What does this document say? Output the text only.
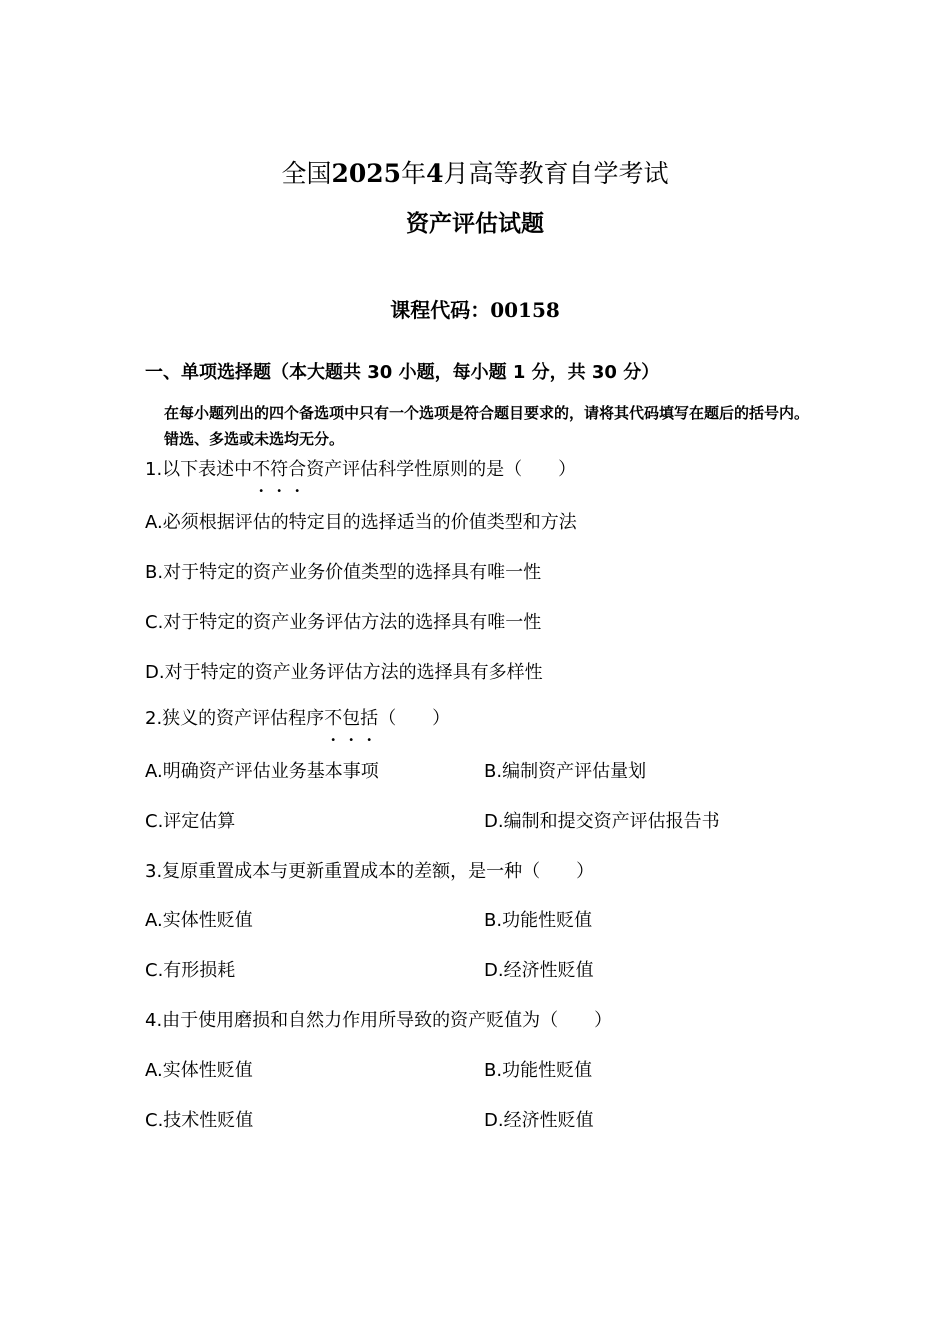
全国2025年4月高等教育自学考试
资产评估试题
课程代码：00158
一、单项选择题（本大题共 30 小题，每小题 1 分，共 30 分）
在每小题列出的四个备选项中只有一个选项是符合题目要求的，请将其代码填写在题后的括号内。错选、多选或未选均无分。
1.以下表述中不符合
• • •
资产评估科学性原则的是（　　）
A.必须根据评估的特定目的选择适当的价值类型和方法
B.对于特定的资产业务价值类型的选择具有唯一性
C.对于特定的资产业务评估方法的选择具有唯一性
D.对于特定的资产业务评估方法的选择具有多样性
2.狭义的资产评估程序不包括
• • •
（　　）
A.明确资产评估业务基本事项	B.编制资产评估量划
C.评定估算	D.编制和提交资产评估报告书
3.复原重置成本与更新重置成本的差额，是一种（　　）
A.实体性贬值	B.功能性贬值
C.有形损耗	D.经济性贬值
4.由于使用磨损和自然力作用所导致的资产贬值为（　　）
A.实体性贬值	B.功能性贬值
C.技术性贬值	D.经济性贬值
